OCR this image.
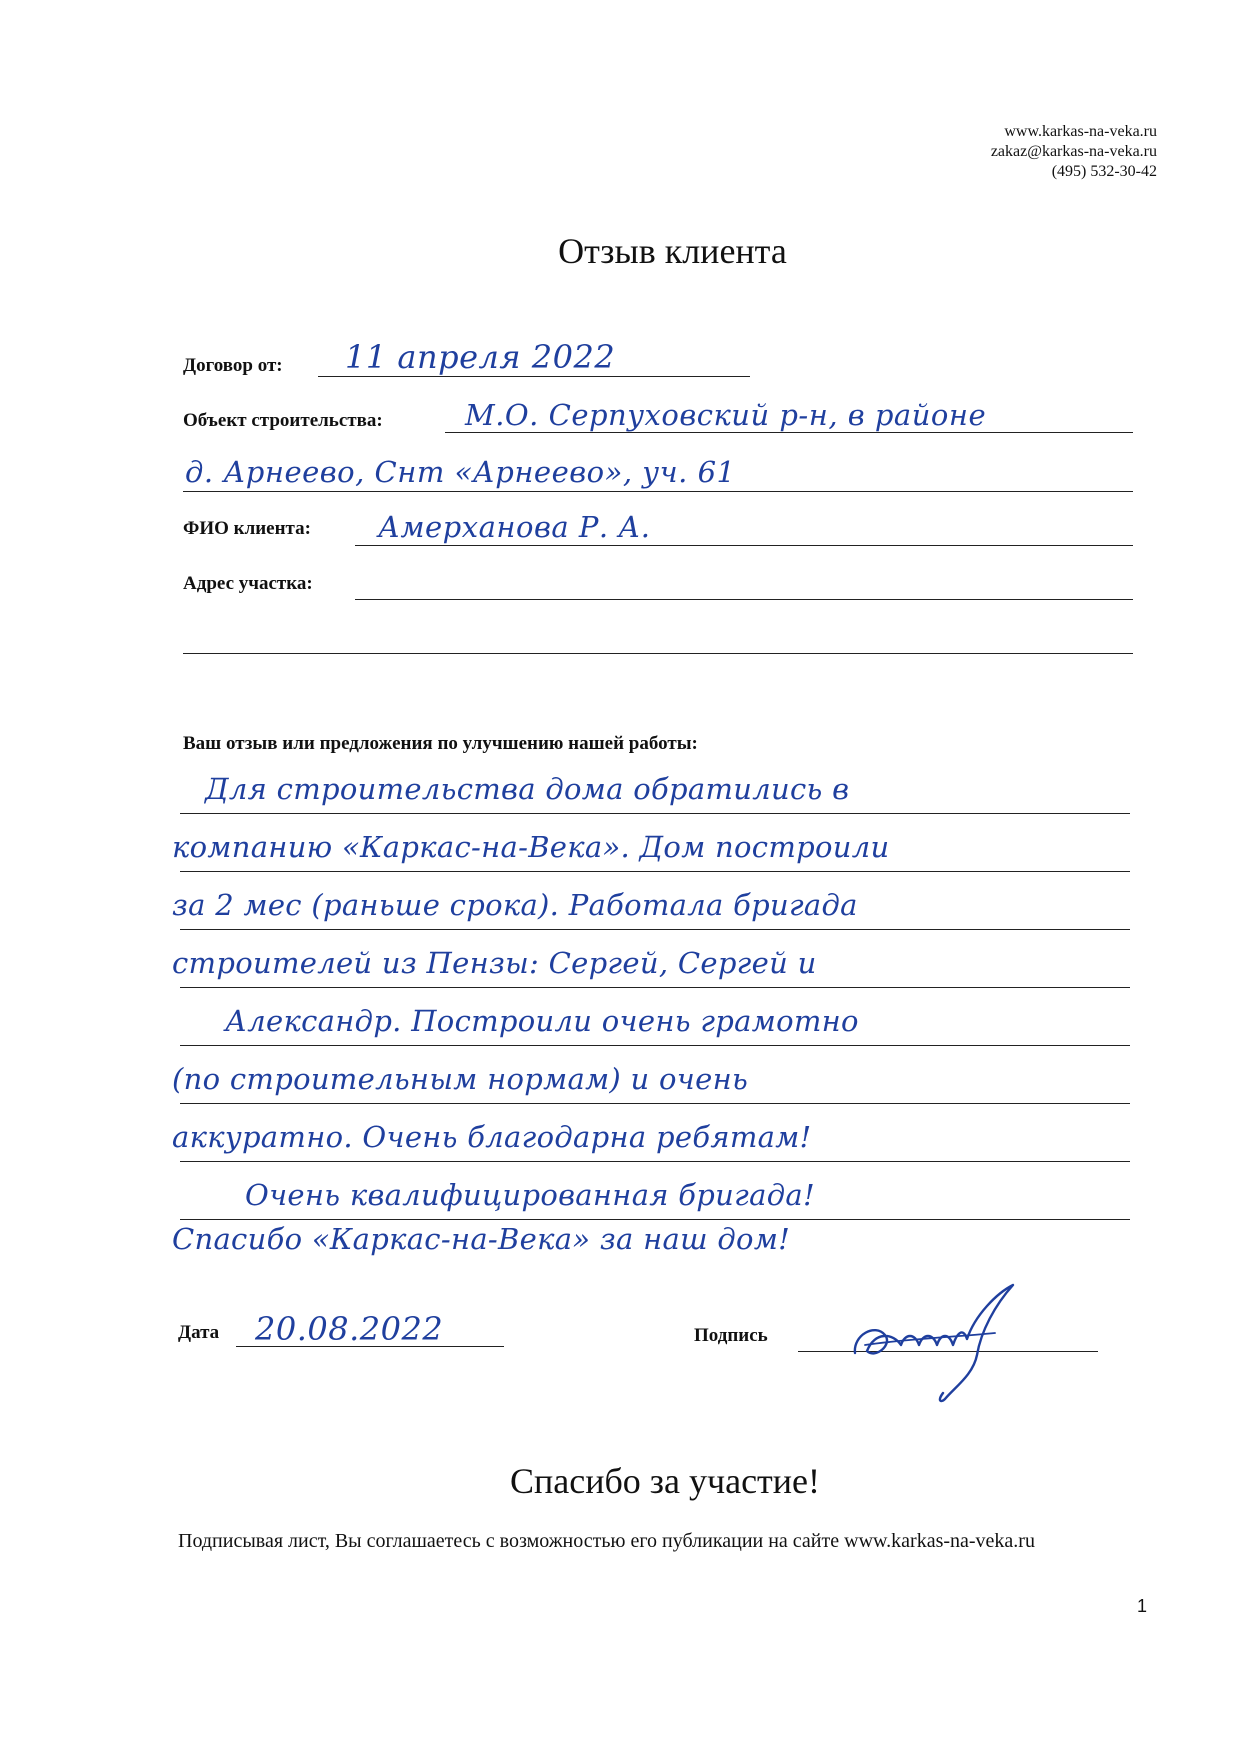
www.karkas-na-veka.ru
zakaz@karkas-na-veka.ru
(495) 532-30-42
Отзыв клиента
Договор от: 11 апреля 2022
Объект строительства:	М.О. Серпуховский р-н, в районе
д. Арнеево, Снт «Арнеево», уч. 61
ФИО клиента: Амерханова Р. А.
Адрес участка:
Ваш отзыв или предложения по улучшению нашей работы:
Для строительства дома обратились в
компанию «Каркас-на-Века». Дом построили
за 2 мес (раньше срока). Работала бригада
строителей из Пензы: Сергей, Сергей и
Александр. Построили очень грамотно
(по строительным нормам) и очень
аккуратно. Очень благодарна ребятам!
Очень квалифицированная бригада!
Спасибо «Каркас-на-Века» за наш дом!
Дата 20.08.2022	Подпись
Спасибо за участие!
Подписывая лист, Вы соглашаетесь с возможностью его публикации на сайте www.karkas-na-veka.ru
1
